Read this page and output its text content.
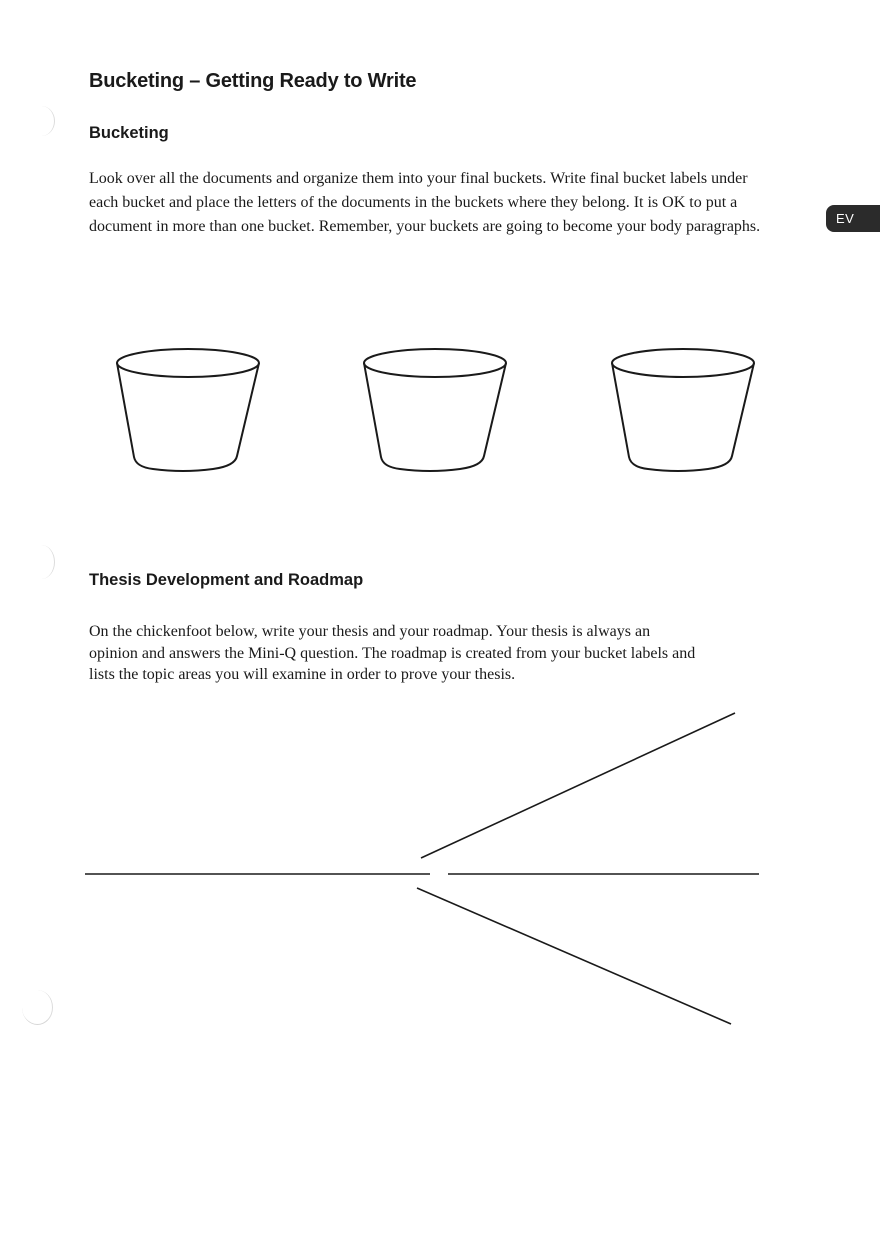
Bucketing – Getting Ready to Write
Bucketing

Look over all the documents and organize them into your final buckets. Write final bucket labels under each bucket and place the letters of the documents in the buckets where they belong. It is OK to put a document in more than one bucket. Remember, your buckets are going to become your body paragraphs.	EV
Thesis Development and Roadmap

On the chickenfoot below, write your thesis and your roadmap. Your thesis is always an opinion and answers the Mini-Q question. The roadmap is created from your bucket labels and lists the topic areas you will examine in order to prove your thesis.
